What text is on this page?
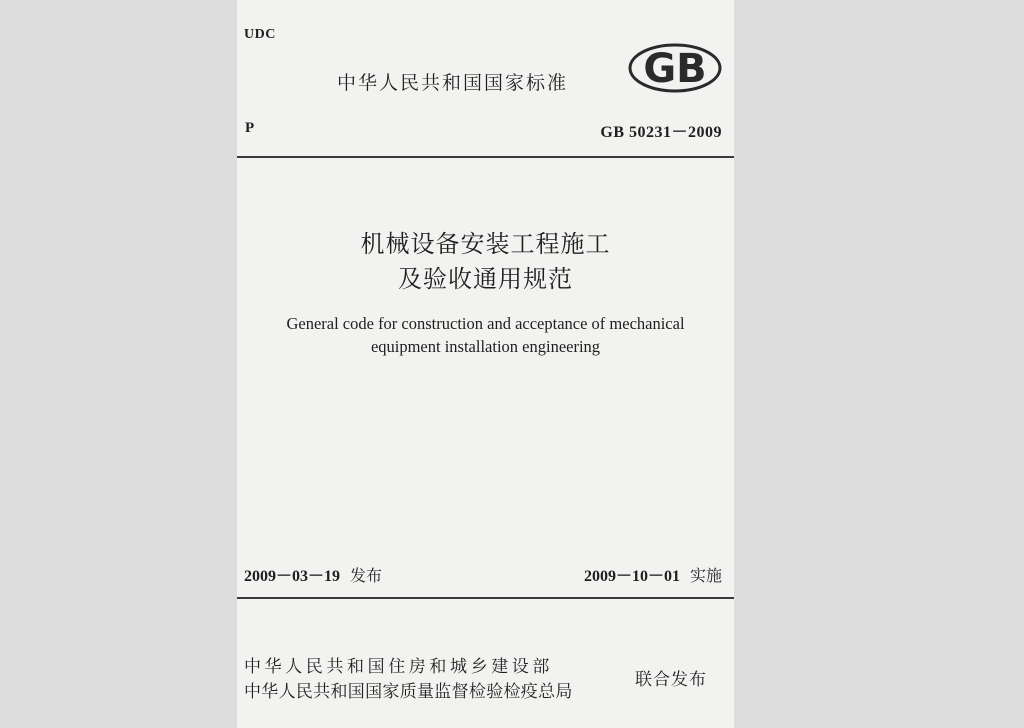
UDC
中华人民共和国国家标准 GB
P	GB 50231－2009
机械设备安装工程施工
及验收通用规范
General code for construction and acceptance of mechanical
equipment installation engineering
2009－03－19 发布	2009－10－01 实施
中华人民共和国住房和城乡建设部
中华人民共和国国家质量监督检验检疫总局
联合发布
